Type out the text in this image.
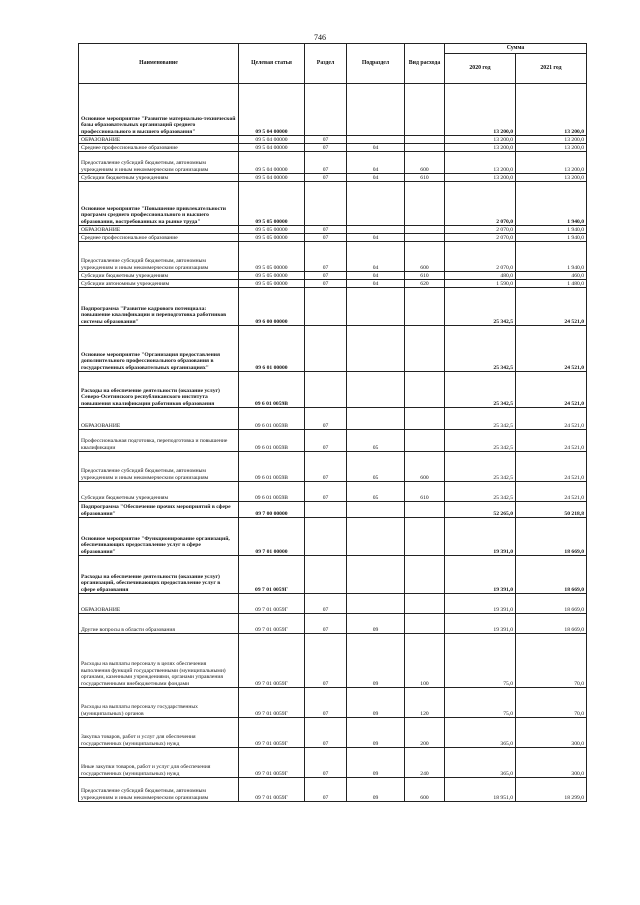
746
Наименование	Целевая статья	Раздел	Подраздел	Вид расхода	Сумма	
					2020 год	2021 год
Основное мероприятие "Развитие материально-технической базы образовательных организаций среднего профессионального и высшего образования"	09 5 04 00000				13 200,0	13 200,0
ОБРАЗОВАНИЕ	09 5 04 00000	07			13 200,0	13 200,0
Среднее профессиональное образование	09 5 04 00000	07	04		13 200,0	13 200,0
Предоставление субсидий бюджетным, автономным учреждениям и иным некоммерческим организациям	09 5 04 00000	07	04	600	13 200,0	13 200,0
Субсидии бюджетным учреждениям	09 5 04 00000	07	04	610	13 200,0	13 200,0
Основное мероприятие "Повышение привлекательности программ среднего профессионального и высшего образования, востребованных на рынке труда"	09 5 05 00000				2 070,0	1 940,0
ОБРАЗОВАНИЕ	09 5 05 00000	07			2 070,0	1 940,0
Среднее профессиональное образование	09 5 05 00000	07	04		2 070,0	1 940,0
Предоставление субсидий бюджетным, автономным учреждениям и иным некоммерческим организациям	09 5 05 00000	07	04	600	2 070,0	1 940,0
Субсидии бюджетным учреждениям	09 5 05 00000	07	04	610	480,0	460,0
Субсидии автономным учреждениям	09 5 05 00000	07	04	620	1 590,0	1 480,0
Подпрограмма "Развитие кадрового потенциала: повышение квалификации и переподготовка работников системы образования"	09 6 00 00000				25 342,5	24 521,0
Основное мероприятие "Организация предоставления дополнительного профессионального образования в государственных образовательных организациях"	09 6 01 00000				25 342,5	24 521,0
Расходы на обеспечение деятельности (оказание услуг) Северо-Осетинского республиканского института повышения квалификации работников образования	09 6 01 0059В				25 342,5	24 521,0
ОБРАЗОВАНИЕ	09 6 01 0059В	07			25 342,5	24 521,0
Профессиональная подготовка, переподготовка и повышение квалификации	09 6 01 0059В	07	05		25 342,5	24 521,0
Предоставление субсидий бюджетным, автономным учреждениям и иным некоммерческим организациям	09 6 01 0059В	07	05	600	25 342,5	24 521,0
Субсидии бюджетным учреждениям	09 6 01 0059В	07	05	610	25 342,5	24 521,0
Подпрограмма "Обеспечение прочих мероприятий в сфере образования"	09 7 00 00000				52 265,0	50 218,8
Основное мероприятие "Функционирование организаций, обеспечивающих предоставление услуг в сфере образования"	09 7 01 00000				19 391,0	18 669,0
Расходы на обеспечение деятельности (оказание услуг) организаций, обеспечивающих предоставление услуг в сфере образования	09 7 01 0059Г				19 391,0	18 669,0
ОБРАЗОВАНИЕ	09 7 01 0059Г	07			19 391,0	18 669,0
Другие вопросы в области образования	09 7 01 0059Г	07	09		19 391,0	18 669,0
Расходы на выплаты персоналу в целях обеспечения выполнения функций государственными (муниципальными) органами, казенными учреждениями, органами управления государственными внебюджетными фондами	09 7 01 0059Г	07	09	100	75,0	70,0
Расходы на выплаты персоналу государственных (муниципальных) органов	09 7 01 0059Г	07	09	120	75,0	70,0
Закупка товаров, работ и услуг для обеспечения государственных (муниципальных) нужд	09 7 01 0059Г	07	09	200	365,0	300,0
Иные закупки товаров, работ и услуг для обеспечения государственных (муниципальных) нужд	09 7 01 0059Г	07	09	240	365,0	300,0
Предоставление субсидий бюджетным, автономным учреждениям и иным некоммерческим организациям	09 7 01 0059Г	07	09	600	18 951,0	18 299,0
